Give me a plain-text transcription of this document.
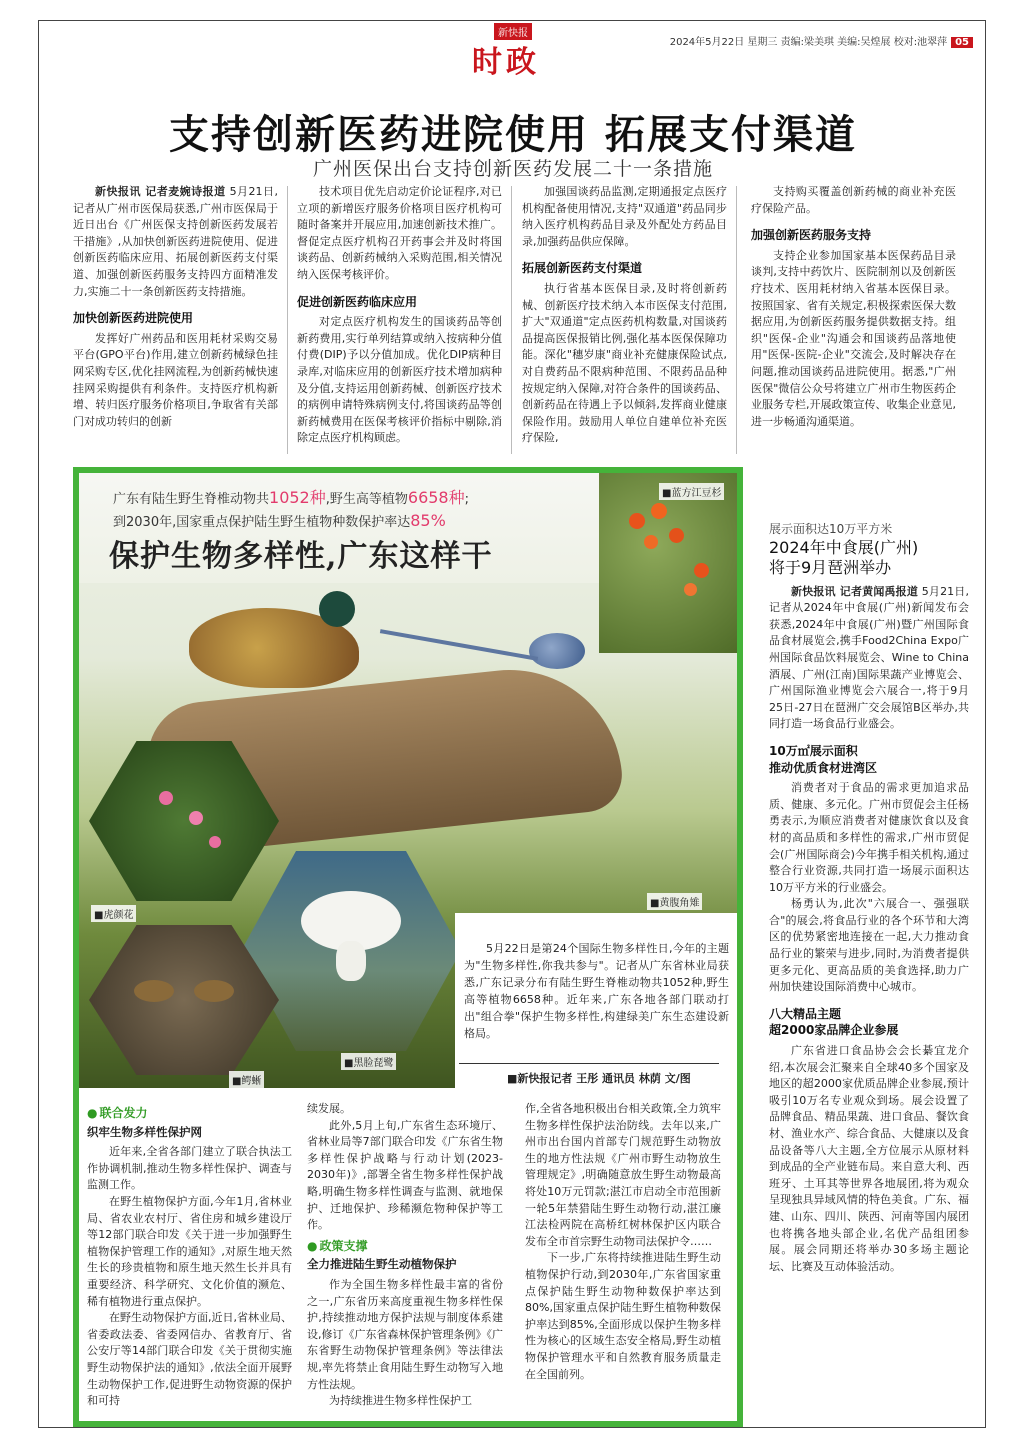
新快报
时政
2024年5月22日 星期三 责编:梁美琪 美编:吴煌展 校对:池翠萍 05
支持创新医药进院使用 拓展支付渠道
广州医保出台支持创新医药发展二十一条措施

新快报讯 记者麦婉诗报道 5月21日,记者从广州市医保局获悉,广州市医保局于近日出台《广州医保支持创新医药发展若干措施》,从加快创新医药进院使用、促进创新医药临床应用、拓展创新医药支付渠道、加强创新医药服务支持四方面精准发力,实施二十一条创新医药支持措施。

加快创新医药进院使用

发挥好广州药品和医用耗材采购交易平台(GPO平台)作用,建立创新药械绿色挂网采购专区,优化挂网流程,为创新药械快速挂网采购提供有利条件。支持医疗机构新增、转归医疗服务价格项目,争取省有关部门对成功转归的创新

技术项目优先启动定价论证程序,对已立项的新增医疗服务价格项目医疗机构可随时备案并开展应用,加速创新技术推广。督促定点医疗机构召开药事会并及时将国谈药品、创新药械纳入采购范围,相关情况纳入医保考核评价。

促进创新医药临床应用

对定点医疗机构发生的国谈药品等创新药费用,实行单列结算或纳入按病种分值付费(DIP)予以分值加成。优化DIP病种目录库,对临床应用的创新医疗技术增加病种及分值,支持运用创新药械、创新医疗技术的病例申请特殊病例支付,将国谈药品等创新药械费用在医保考核评价指标中剔除,消除定点医疗机构顾虑。

加强国谈药品监测,定期通报定点医疗机构配备使用情况,支持"双通道"药品同步纳入医疗机构药品目录及外配处方药品目录,加强药品供应保障。

拓展创新医药支付渠道

执行省基本医保目录,及时将创新药械、创新医疗技术纳入本市医保支付范围,扩大"双通道"定点医药机构数量,对国谈药品提高医保报销比例,强化基本医保保障功能。深化"穗岁康"商业补充健康保险试点,对自费药品不限病种范围、不限药品品种按规定纳入保障,对符合条件的国谈药品、创新药品在待遇上予以倾斜,发挥商业健康保险作用。鼓励用人单位自建单位补充医疗保险,

支持购买覆盖创新药械的商业补充医疗保险产品。

加强创新医药服务支持

支持企业参加国家基本医保药品目录谈判,支持中药饮片、医院制剂以及创新医疗技术、医用耗材纳入省基本医保目录。按照国家、省有关规定,积极探索医保大数据应用,为创新医药服务提供数据支持。组织"医保-企业"沟通会和国谈药品落地使用"医保-医院-企业"交流会,及时解决存在问题,推动国谈药品进院使用。据悉,"广州医保"微信公众号将建立广州市生物医药企业服务专栏,开展政策宣传、收集企业意见,进一步畅通沟通渠道。

广东有陆生野生脊椎动物共1052种,野生高等植物6658种;
到2030年,国家重点保护陆生野生植物种数保护率达85%
保护生物多样性,广东这样干
■蓝方江豆杉
■虎颜花
■黑脸琵鹭
■鳄蜥
■黄腹角雉

5月22日是第24个国际生物多样性日,今年的主题为"生物多样性,你我共参与"。记者从广东省林业局获悉,广东记录分布有陆生野生脊椎动物共1052种,野生高等植物6658种。近年来,广东各地各部门联动打出"组合拳"保护生物多样性,构建绿美广东生态建设新格局。

■新快报记者 王彤 通讯员 林荫 文/图
● 联合发力
织牢生物多样性保护网

近年来,全省各部门建立了联合执法工作协调机制,推动生物多样性保护、调查与监测工作。

在野生植物保护方面,今年1月,省林业局、省农业农村厅、省住房和城乡建设厅等12部门联合印发《关于进一步加强野生植物保护管理工作的通知》,对原生地天然生长的珍贵植物和原生地天然生长并具有重要经济、科学研究、文化价值的濒危、稀有植物进行重点保护。

在野生动物保护方面,近日,省林业局、省委政法委、省委网信办、省教育厅、省公安厅等14部门联合印发《关于贯彻实施野生动物保护法的通知》,依法全面开展野生动物保护工作,促进野生动物资源的保护和可持

续发展。

此外,5月上旬,广东省生态环境厅、省林业局等7部门联合印发《广东省生物多样性保护战略与行动计划(2023-2030年)》,部署全省生物多样性保护战略,明确生物多样性调查与监测、就地保护、迁地保护、珍稀濒危物种保护等工作。

● 政策支撑
全力推进陆生野生动植物保护

作为全国生物多样性最丰富的省份之一,广东省历来高度重视生物多样性保护,持续推动地方保护法规与制度体系建设,修订《广东省森林保护管理条例》《广东省野生动物保护管理条例》等法律法规,率先将禁止食用陆生野生动物写入地方性法规。

为持续推进生物多样性保护工

作,全省各地积极出台相关政策,全力筑牢生物多样性保护法治防线。去年以来,广州市出台国内首部专门规范野生动物放生的地方性法规《广州市野生动物放生管理规定》,明确随意放生野生动物最高将处10万元罚款;湛江市启动全市范围新一轮5年禁猎陆生野生动物行动,湛江廉江法检两院在高桥红树林保护区内联合发布全市首宗野生动物司法保护令……

下一步,广东将持续推进陆生野生动植物保护行动,到2030年,广东省国家重点保护陆生野生动物种数保护率达到80%,国家重点保护陆生野生植物种数保护率达到85%,全面形成以保护生物多样性为核心的区域生态安全格局,野生动植物保护管理水平和自然教育服务质量走在全国前列。

展示面积达10万平方米
2024年中食展(广州)
将于9月琶洲举办

新快报讯 记者黄闻禹报道 5月21日,记者从2024年中食展(广州)新闻发布会获悉,2024年中食展(广州)暨广州国际食品食材展览会,携手Food2China Expo广州国际食品饮料展览会、Wine to China酒展、广州(江南)国际果蔬产业博览会、广州国际渔业博览会六展合一,将于9月25日-27日在琶洲广交会展馆B区举办,共同打造一场食品行业盛会。

10万㎡展示面积
推动优质食材进湾区

消费者对于食品的需求更加追求品质、健康、多元化。广州市贸促会主任杨勇表示,为顺应消费者对健康饮食以及食材的高品质和多样性的需求,广州市贸促会(广州国际商会)今年携手相关机构,通过整合行业资源,共同打造一场展示面积达10万平方米的行业盛会。

杨勇认为,此次"六展合一、强强联合"的展会,将食品行业的各个环节和大湾区的优势紧密地连接在一起,大力推动食品行业的繁荣与进步,同时,为消费者提供更多元化、更高品质的美食选择,助力广州加快建设国际消费中心城市。

八大精品主题
超2000家品牌企业参展

广东省进口食品协会会长綦宜龙介绍,本次展会汇聚来自全球40多个国家及地区的超2000家优质品牌企业参展,预计吸引10万名专业观众到场。展会设置了品牌食品、精品果蔬、进口食品、餐饮食材、渔业水产、综合食品、大健康以及食品设备等八大主题,全方位展示从原材料到成品的全产业链布局。来自意大利、西班牙、土耳其等世界各地展团,将为观众呈现独具异域风情的特色美食。广东、福建、山东、四川、陕西、河南等国内展团也将携各地头部企业,名优产品组团参展。展会同期还将举办30多场主题论坛、比赛及互动体验活动。
